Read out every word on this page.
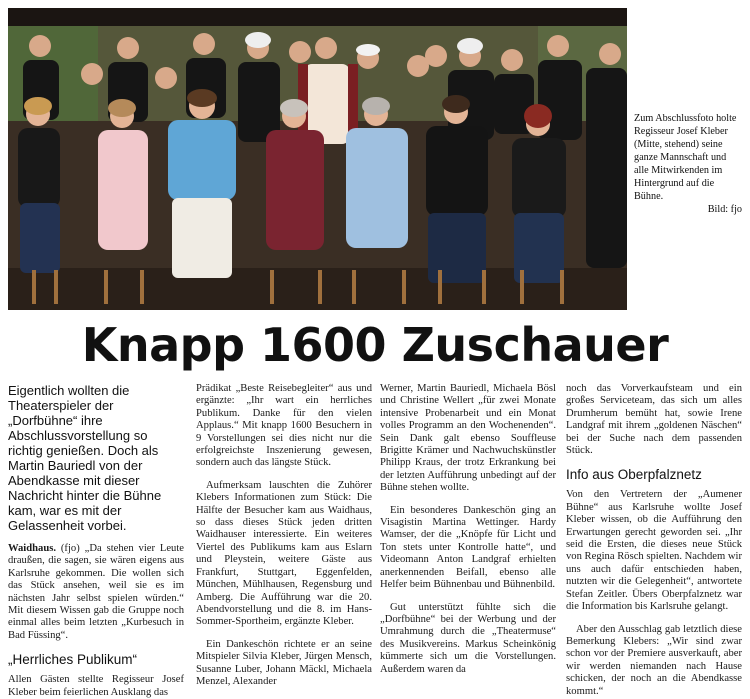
Zum Abschlussfoto holte Regisseur Josef Kleber (Mitte, stehend) seine ganze Mannschaft und alle Mitwirkenden im Hintergrund auf die Bühne.
Bild: fjo
Knapp 1600 Zuschauer

Eigentlich wollten die Theaterspieler der „Dorfbühne“ ihre Abschlussvorstellung so richtig genießen. Doch als Martin Bauriedl von der Abendkasse mit dieser Nachricht hinter die Bühne kam, war es mit der Gelassenheit vorbei.

Waidhaus. (fjo) „Da stehen vier Leute draußen, die sagen, sie wären eigens aus Karlsruhe gekommen. Die wollen sich das Stück ansehen, weil sie es im nächsten Jahr selbst spielen würden.“ Mit diesem Wissen gab die Gruppe noch einmal alles beim letzten „Kurbesuch in Bad Füssing“.

„Herrliches Publikum“

Allen Gästen stellte Regisseur Josef Kleber beim feierlichen Ausklang das

Prädikat „Beste Reisebegleiter“ aus und ergänzte: „Ihr wart ein herrliches Publikum. Danke für den vielen Applaus.“ Mit knapp 1600 Besuchern in 9 Vorstellungen sei dies nicht nur die erfolgreichste Inszenierung gewesen, sondern auch das längste Stück.

Aufmerksam lauschten die Zuhörer Klebers Informationen zum Stück: Die Hälfte der Besucher kam aus Waidhaus, so dass dieses Stück jeden dritten Waidhauser interessierte. Ein weiteres Viertel des Publikums kam aus Eslarn und Pleystein, weitere Gäste aus Frankfurt, Stuttgart, Eggenfelden, München, Mühlhausen, Regensburg und Amberg. Die Aufführung war die 20. Abendvorstellung und die 8. im Hans-Sommer-Sportheim, ergänzte Kleber.

Ein Dankeschön richtete er an seine Mitspieler Silvia Kleber, Jürgen Mensch, Susanne Luber, Johann Mäckl, Michaela Menzel, Alexander

Werner, Martin Bauriedl, Michaela Bösl und Christine Wellert „für zwei Monate intensive Probenarbeit und ein Monat volles Programm an den Wochenenden“. Sein Dank galt ebenso Souffleuse Brigitte Krämer und Nachwuchskünstler Philipp Kraus, der trotz Erkrankung bei der letzten Aufführung unbedingt auf der Bühne stehen wollte.

Ein besonderes Dankeschön ging an Visagistin Martina Wettinger. Hardy Wamser, der die „Knöpfe für Licht und Ton stets unter Kontrolle hatte“, und Videomann Anton Landgraf erhielten anerkennenden Beifall, ebenso alle Helfer beim Bühnenbau und Bühnenbild.

Gut unterstützt fühlte sich die „Dorfbühne“ bei der Werbung und der Umrahmung durch die „Theatermuse“ des Musikvereins. Markus Scheinkönig kümmerte sich um die Vorstellungen. Außerdem waren da

noch das Vorverkaufsteam und ein großes Serviceteam, das sich um alles Drumherum bemüht hat, sowie Irene Landgraf mit ihrem „goldenen Näschen“ bei der Suche nach dem passenden Stück.

Info aus Oberpfalznetz

Von den Vertretern der „Aumener Bühne“ aus Karlsruhe wollte Josef Kleber wissen, ob die Aufführung den Erwartungen gerecht geworden sei. „Ihr seid die Ersten, die dieses neue Stück von Regina Rösch spielten. Nachdem wir uns auch dafür entschieden haben, nutzten wir die Gelegenheit“, antwortete Stefan Zeitler. Übers Oberpfalznetz war die Information bis Karlsruhe gelangt.

Aber den Ausschlag gab letztlich diese Bemerkung Klebers: „Wir sind zwar schon vor der Premiere ausverkauft, aber wir werden niemanden nach Hause schicken, der noch an die Abendkasse kommt.“
